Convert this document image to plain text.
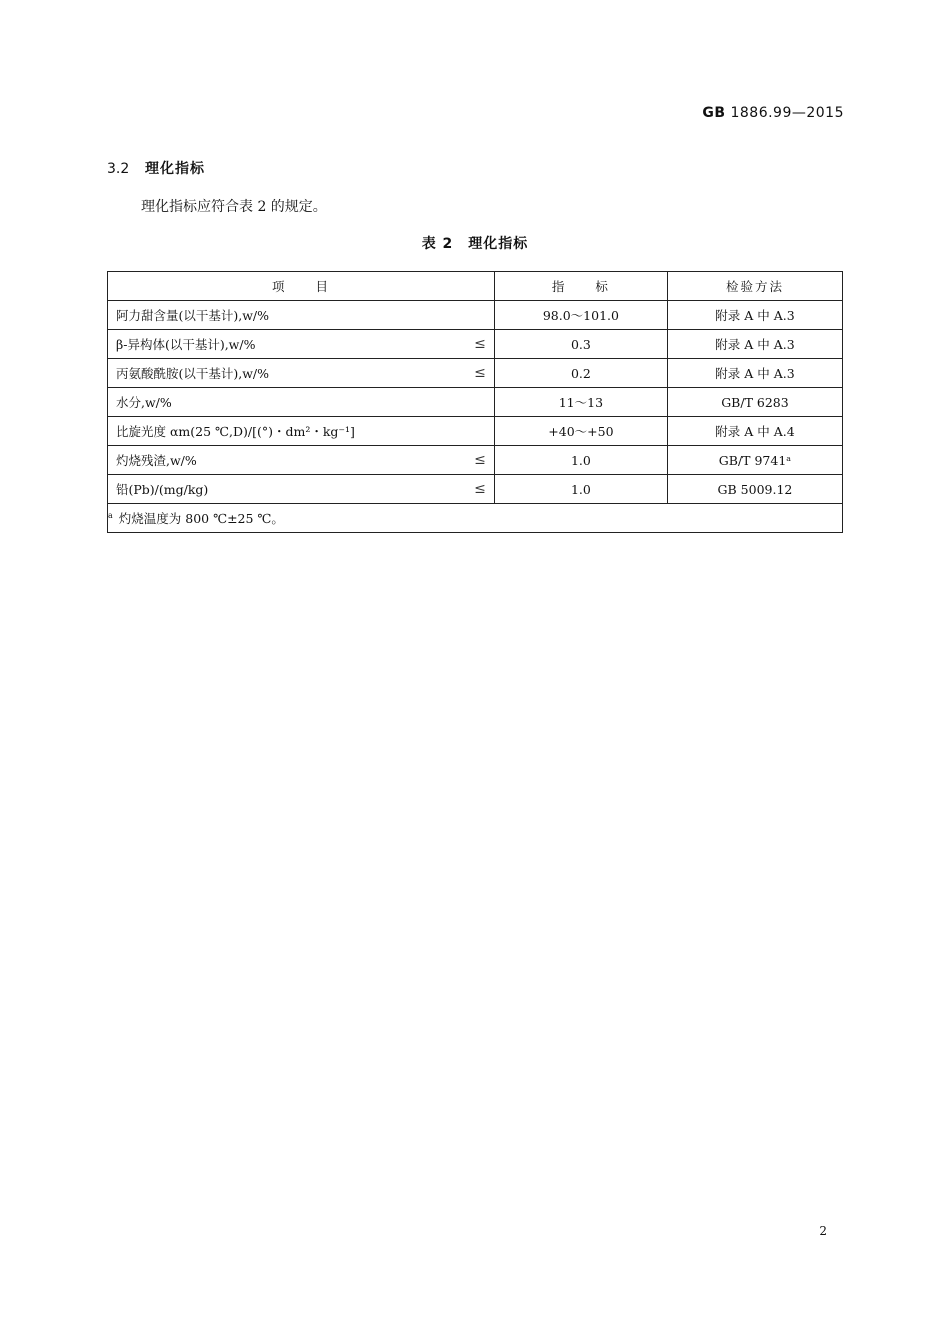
GB 1886.99—2015
3.2 理化指标
理化指标应符合表 2 的规定。
表 2　理化指标
项　　目	指　　标	检验方法

阿力甜含量(以干基计),w/%	98.0～101.0	附录 A 中 A.3

β-异构体(以干基计),w/% ≤	0.3	附录 A 中 A.3

丙氨酸酰胺(以干基计),w/% ≤	0.2	附录 A 中 A.3

水分,w/%	11～13	GB/T 6283

比旋光度 αm(25 ℃,D)/[(°)・dm²・kg⁻¹]	+40～+50	附录 A 中 A.4

灼烧残渣,w/% ≤	1.0	GB/T 9741ᵃ

铅(Pb)/(mg/kg) ≤	1.0	GB 5009.12
$^a$ 灼烧温度为 800 ℃±25 ℃。		
2
